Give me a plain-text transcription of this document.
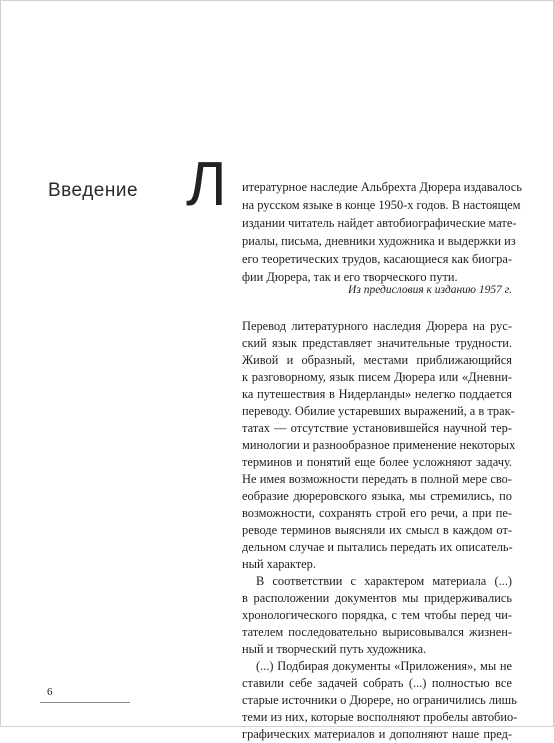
Введение Л итературное наследие Альбрехта Дюрера издавалось
на русском языке в конце 1950-х годов. В настоящем
издании читатель найдет автобиографические мате-
риалы, письма, дневники художника и выдержки из
его теоретических трудов, касающиеся как биогра-
фии Дюрера, так и его творческого пути.
Из предисловия к изданию 1957 г.
Перевод литературного наследия Дюрера на рус-
ский язык представляет значительные трудности.
Живой и образный, местами приближающийся
к разговорному, язык писем Дюрера или «Дневни-
ка путешествия в Нидерланды» нелегко поддается
переводу. Обилие устаревших выражений, а в трак-
татах — отсутствие установившейся научной тер-
минологии и разнообразное применение некоторых
терминов и понятий еще более усложняют задачу.
Не имея возможности передать в полной мере сво-
еобразие дюреровского языка, мы стремились, по
возможности, сохранять строй его речи, а при пе-
реводе терминов выясняли их смысл в каждом от-
дельном случае и пытались передать их описатель-
ный характер.
В соответствии с характером материала (...)
в расположении документов мы придерживались
хронологического порядка, с тем чтобы перед чи-
тателем последовательно вырисовывался жизнен-
ный и творческий путь художника.
(...) Подбирая документы «Приложения», мы не
ставили себе задачей собрать (...) полностью все
старые источники о Дюрере, но ограничились лишь
теми из них, которые восполняют пробелы автобио-
графических материалов и дополняют наше пред-
6
